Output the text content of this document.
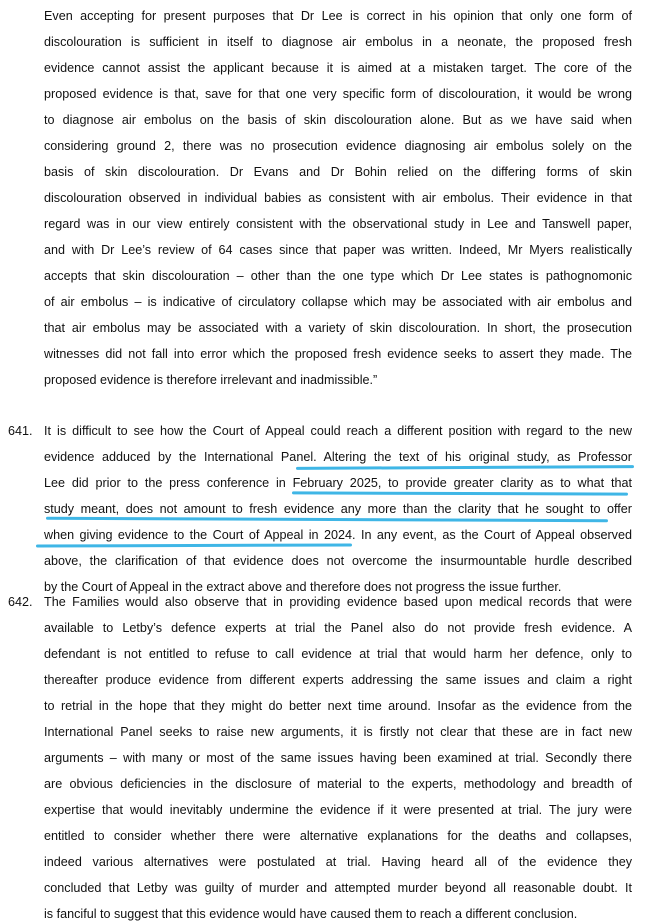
Even accepting for present purposes that Dr Lee is correct in his opinion that only one form of
discolouration is sufficient in itself to diagnose air embolus in a neonate, the proposed fresh
evidence cannot assist the applicant because it is aimed at a mistaken target. The core of the
proposed evidence is that, save for that one very specific form of discolouration, it would be wrong
to diagnose air embolus on the basis of skin discolouration alone. But as we have said when
considering ground 2, there was no prosecution evidence diagnosing air embolus solely on the
basis of skin discolouration. Dr Evans and Dr Bohin relied on the differing forms of skin
discolouration observed in individual babies as consistent with air embolus. Their evidence in that
regard was in our view entirely consistent with the observational study in Lee and Tanswell paper,
and with Dr Lee’s review of 64 cases since that paper was written. Indeed, Mr Myers realistically
accepts that skin discolouration – other than the one type which Dr Lee states is pathognomonic
of air embolus – is indicative of circulatory collapse which may be associated with air embolus and
that air embolus may be associated with a variety of skin discolouration. In short, the prosecution
witnesses did not fall into error which the proposed fresh evidence seeks to assert they made. The
proposed evidence is therefore irrelevant and inadmissible.”
641. It is difficult to see how the Court of Appeal could reach a different position with regard to the new
evidence adduced by the International Panel. Altering the text of his original study, as Professor
Lee did prior to the press conference in February 2025, to provide greater clarity as to what that
study meant, does not amount to fresh evidence any more than the clarity that he sought to offer
when giving evidence to the Court of Appeal in 2024. In any event, as the Court of Appeal observed
above, the clarification of that evidence does not overcome the insurmountable hurdle described
by the Court of Appeal in the extract above and therefore does not progress the issue further.
642. The Families would also observe that in providing evidence based upon medical records that were
available to Letby’s defence experts at trial the Panel also do not provide fresh evidence. A
defendant is not entitled to refuse to call evidence at trial that would harm her defence, only to
thereafter produce evidence from different experts addressing the same issues and claim a right
to retrial in the hope that they might do better next time around. Insofar as the evidence from the
International Panel seeks to raise new arguments, it is firstly not clear that these are in fact new
arguments – with many or most of the same issues having been examined at trial. Secondly there
are obvious deficiencies in the disclosure of material to the experts, methodology and breadth of
expertise that would inevitably undermine the evidence if it were presented at trial. The jury were
entitled to consider whether there were alternative explanations for the deaths and collapses,
indeed various alternatives were postulated at trial. Having heard all of the evidence they
concluded that Letby was guilty of murder and attempted murder beyond all reasonable doubt. It
is fanciful to suggest that this evidence would have caused them to reach a different conclusion.
